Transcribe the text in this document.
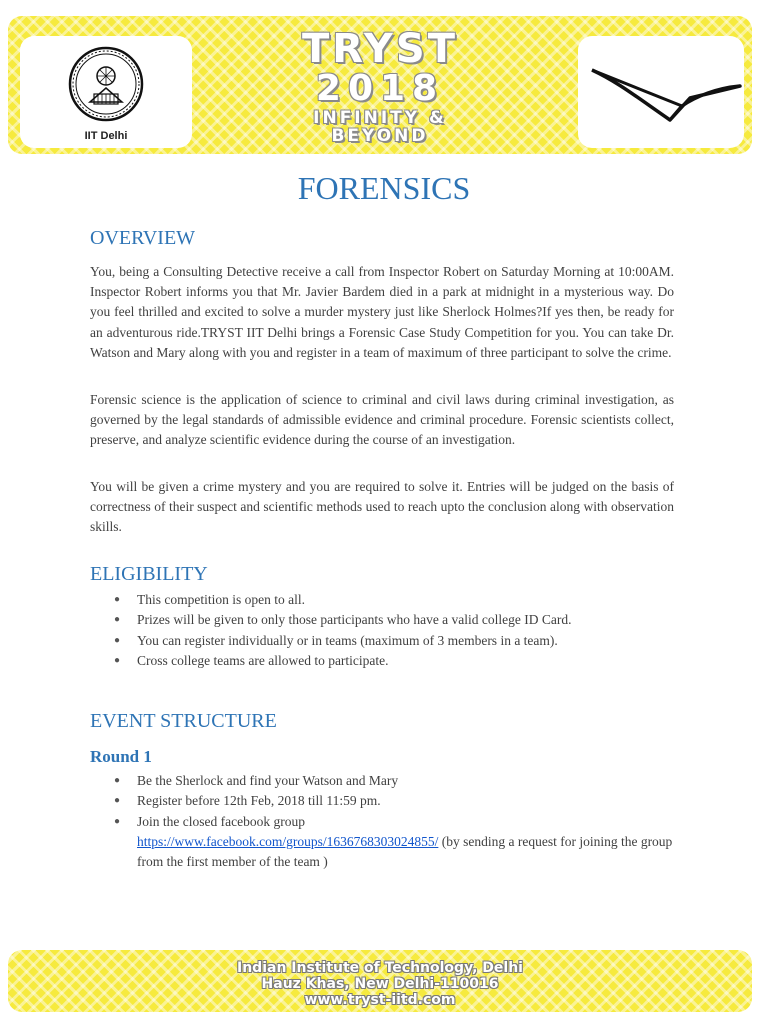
IIT Delhi
TRYST
2018
INFINITY &
BEYOND
FORENSICS
OVERVIEW

You, being a Consulting Detective receive a call from Inspector Robert on Saturday Morning at 10:00AM. Inspector Robert informs you that Mr. Javier Bardem died in a park at midnight in a mysterious way. Do you feel thrilled and excited to solve a murder mystery just like Sherlock Holmes?If yes then, be ready for an adventurous ride.TRYST IIT Delhi brings a Forensic Case Study Competition for you. You can take Dr. Watson and Mary along with you and register in a team of maximum of three participant to solve the crime.

Forensic science is the application of science to criminal and civil laws during criminal investigation, as governed by the legal standards of admissible evidence and criminal procedure. Forensic scientists collect, preserve, and analyze scientific evidence during the course of an investigation.

You will be given a crime mystery and you are required to solve it. Entries will be judged on the basis of correctness of their suspect and scientific methods used to reach upto the conclusion along with observation skills.

ELIGIBILITY
● This competition is open to all.
● Prizes will be given to only those participants who have a valid college ID Card.
● You can register individually or in teams (maximum of 3 members in a team).
● Cross college teams are allowed to participate.
EVENT STRUCTURE
Round 1
● Be the Sherlock and find your Watson and Mary
● Register before 12th Feb, 2018 till 11:59 pm.
● Join the closed facebook group
https://www.facebook.com/groups/1636768303024855/ (by sending a request for joining the group from the first member of the team )
Indian Institute of Technology, Delhi
Hauz Khas, New Delhi-110016
www.tryst-iitd.com
